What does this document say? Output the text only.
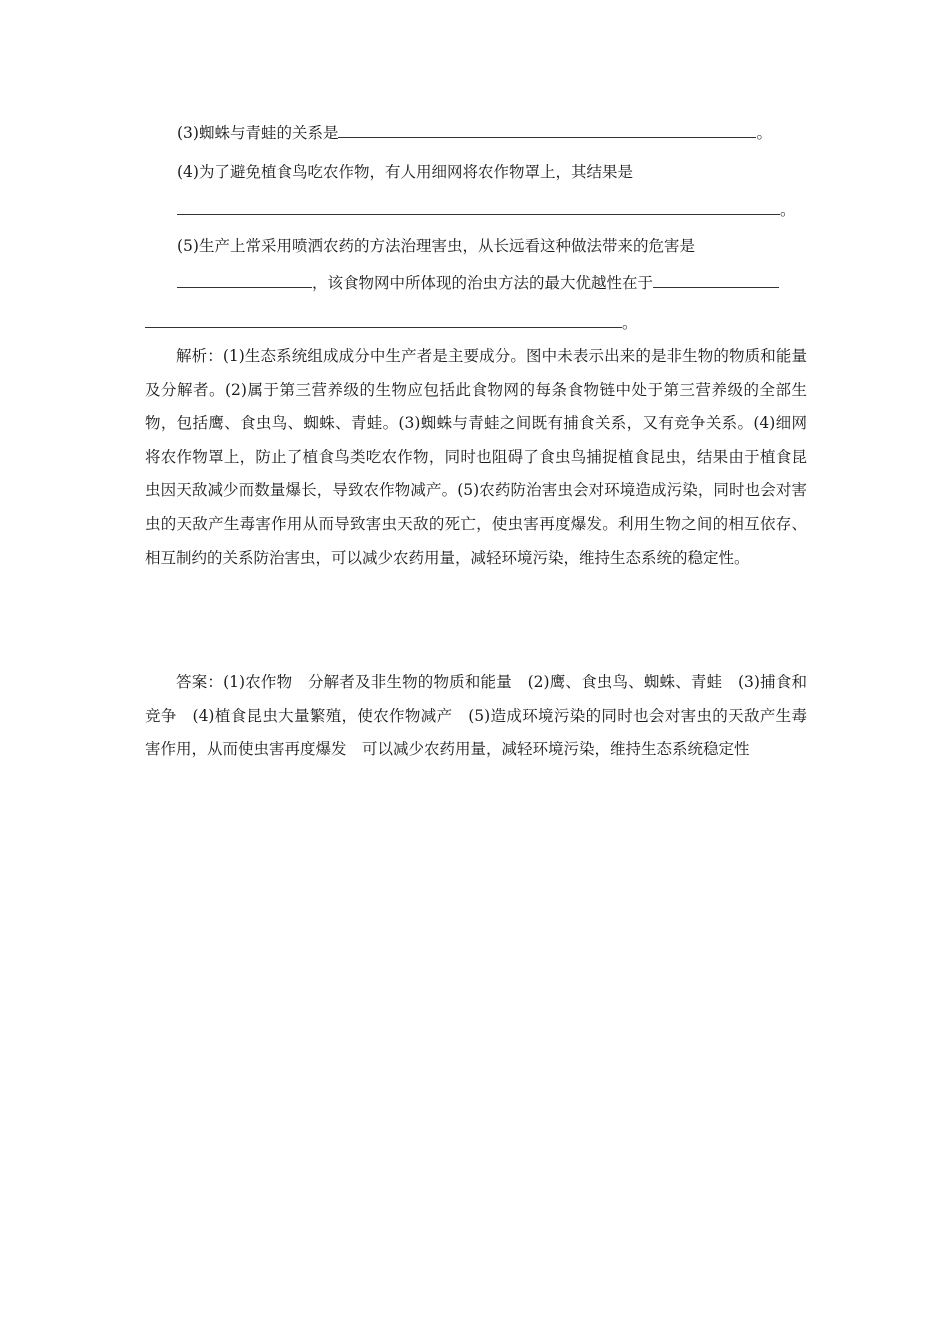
(3)蜘蛛与青蛙的关系是	。
(4)为了避免植食鸟吃农作物，有人用细网将农作物罩上，其结果是
。
(5)生产上常采用喷洒农药的方法治理害虫，从长远看这种做法带来的危害是
，该食物网中所体现的治虫方法的最大优越性在于
。
解析：(1)生态系统组成成分中生产者是主要成分。图中未表示出来的是非生物的物质和能量及分解者。(2)属于第三营养级的生物应包括此食物网的每条食物链中处于第三营养级的全部生物，包括鹰、食虫鸟、蜘蛛、青蛙。(3)蜘蛛与青蛙之间既有捕食关系，又有竞争关系。(4)细网将农作物罩上，防止了植食鸟类吃农作物，同时也阻碍了食虫鸟捕捉植食昆虫，结果由于植食昆虫因天敌减少而数量爆长，导致农作物减产。(5)农药防治害虫会对环境造成污染，同时也会对害虫的天敌产生毒害作用从而导致害虫天敌的死亡，使虫害再度爆发。利用生物之间的相互依存、相互制约的关系防治害虫，可以减少农药用量，减轻环境污染，维持生态系统的稳定性。
答案：(1)农作物　分解者及非生物的物质和能量　(2)鹰、食虫鸟、蜘蛛、青蛙　(3)捕食和竞争　(4)植食昆虫大量繁殖，使农作物减产　(5)造成环境污染的同时也会对害虫的天敌产生毒害作用，从而使虫害再度爆发　可以减少农药用量，减轻环境污染，维持生态系统稳定性
